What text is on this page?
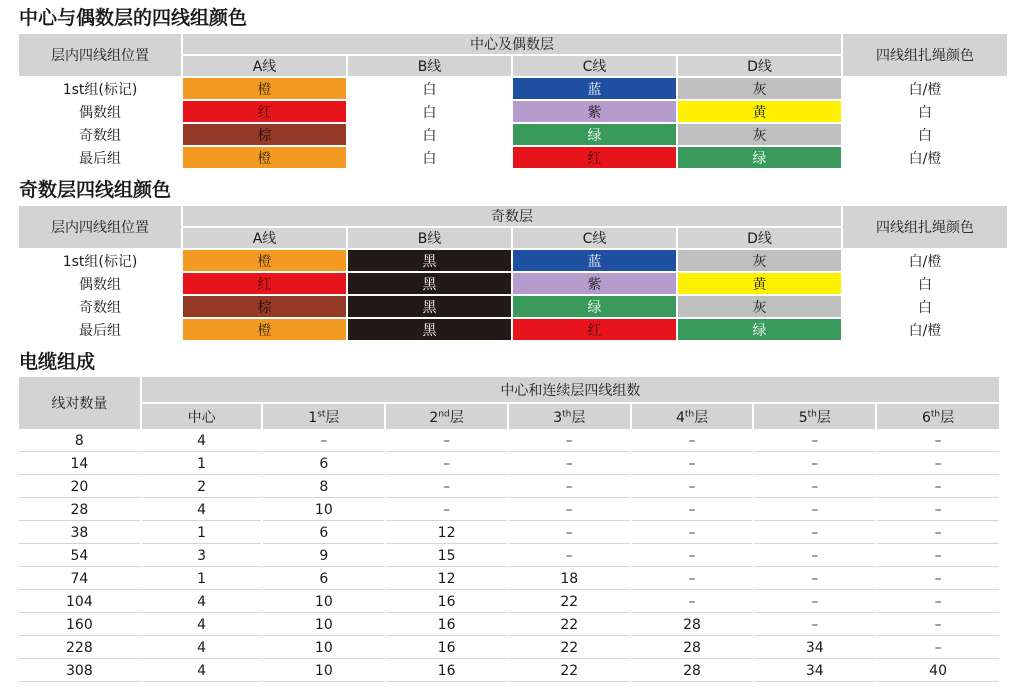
中心与偶数层的四线组颜色
层内四线组位置	中心及偶数层				四线组扎绳颜色
	A线	B线	C线	D线	
1st组(标记)	橙	白	蓝	灰	白/橙
偶数组	红	白	紫	黄	白
奇数组	棕	白	绿	灰	白
最后组	橙	白	红	绿	白/橙
奇数层四线组颜色
层内四线组位置	奇数层				四线组扎绳颜色
	A线	B线	C线	D线	
1st组(标记)	橙	黑	蓝	灰	白/橙
偶数组	红	黑	紫	黄	白
奇数组	棕	黑	绿	灰	白
最后组	橙	黑	红	绿	白/橙
电缆组成
线对数量	中心和连续层四线组数						
	中心	1st层	2nd层	3th层	4th层	5th层	6th层
8	4	–	–	–	–	–	–
14	1	6	–	–	–	–	–
20	2	8	–	–	–	–	–
28	4	10	–	–	–	–	–
38	1	6	12	–	–	–	–
54	3	9	15	–	–	–	–
74	1	6	12	18	–	–	–
104	4	10	16	22	–	–	–
160	4	10	16	22	28	–	–
228	4	10	16	22	28	34	–
308	4	10	16	22	28	34	40
